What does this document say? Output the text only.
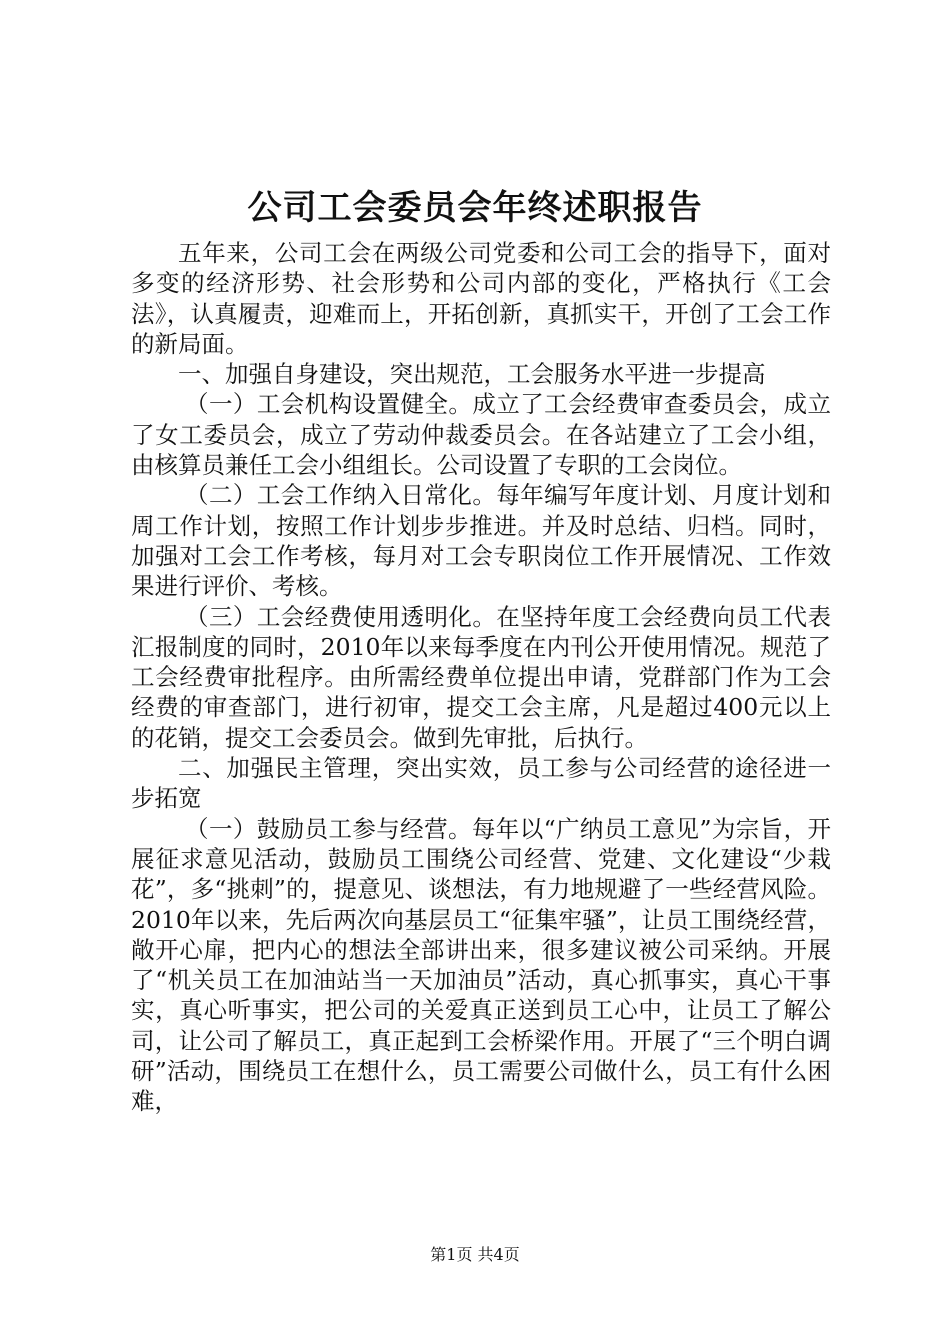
公司工会委员会年终述职报告

五年来，公司工会在两级公司党委和公司工会的指导下，面对多变的经济形势、社会形势和公司内部的变化，严格执行《工会法》，认真履责，迎难而上，开拓创新，真抓实干，开创了工会工作的新局面。

一、加强自身建设，突出规范，工会服务水平进一步提高

（一）工会机构设置健全。成立了工会经费审查委员会，成立了女工委员会，成立了劳动仲裁委员会。在各站建立了工会小组，由核算员兼任工会小组组长。公司设置了专职的工会岗位。

（二）工会工作纳入日常化。每年编写年度计划、月度计划和周工作计划，按照工作计划步步推进。并及时总结、归档。同时，加强对工会工作考核，每月对工会专职岗位工作开展情况、工作效果进行评价、考核。

（三）工会经费使用透明化。在坚持年度工会经费向员工代表汇报制度的同时，2010年以来每季度在内刊公开使用情况。规范了工会经费审批程序。由所需经费单位提出申请，党群部门作为工会经费的审查部门，进行初审，提交工会主席，凡是超过400元以上的花销，提交工会委员会。做到先审批，后执行。

二、加强民主管理，突出实效，员工参与公司经营的途径进一步拓宽

（一）鼓励员工参与经营。每年以“广纳员工意见”为宗旨，开展征求意见活动，鼓励员工围绕公司经营、党建、文化建设“少栽花”，多“挑刺”的，提意见、谈想法，有力地规避了一些经营风险。2010年以来，先后两次向基层员工“征集牢骚”，让员工围绕经营，敞开心扉，把内心的想法全部讲出来，很多建议被公司采纳。开展了“机关员工在加油站当一天加油员”活动，真心抓事实，真心干事实，真心听事实，把公司的关爱真正送到员工心中，让员工了解公司，让公司了解员工，真正起到工会桥梁作用。开展了“三个明白调研”活动，围绕员工在想什么，员工需要公司做什么，员工有什么困难，

第1页 共4页
